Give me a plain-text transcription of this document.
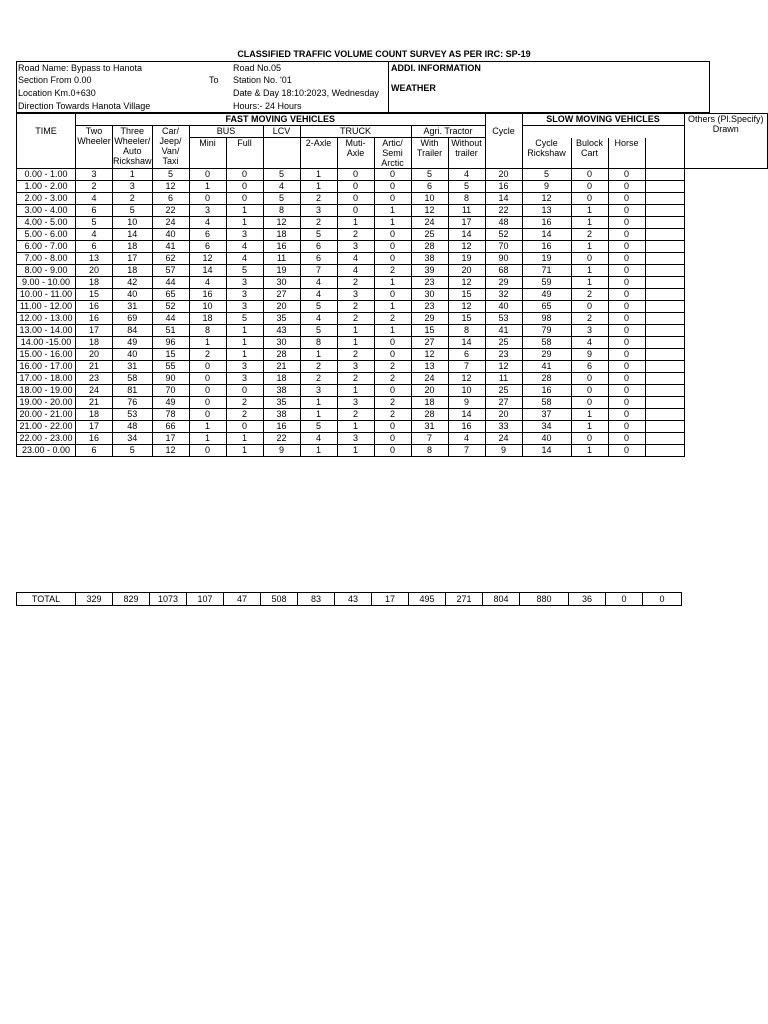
CLASSIFIED TRAFFIC VOLUME COUNT SURVEY AS PER IRC: SP-19
Road Name: Bypass to Hanota
Section From 0.00	To
Location Km.0+630
Direction Towards Hanota Village
Road No.05
Station No. '01
Date & Day 18:10:2023, Wednesday
Hours:- 24 Hours
ADDI. INFORMATION
WEATHER
	FAST MOVING VEHICLES												SLOW MOVING VEHICLES				Others (Pl.Specify) Drawn
TIME	Two Wheeler	Three Wheeler/ Auto Rickshaw	Car/ Jeep/ Van/ Taxi	BUS		LCV	TRUCK			Agri. Tractor		Cycle					
				Mini	Full		2-Axle	Muti-Axle	Artic/ Semi Arctic	With Trailer	Without trailer		Cycle Rickshaw	Bulock Cart	Horse		

0.00 - 1.00	3	1	5	0	0	5	1	0	0	5	4	20	5	0	0		
1.00 - 2.00	2	3	12	1	0	4	1	0	0	6	5	16	9	0	0		
2.00 - 3.00	4	2	6	0	0	5	2	0	0	10	8	14	12	0	0		
3.00 - 4.00	6	5	22	3	1	8	3	0	1	12	11	22	13	1	0		
4.00 - 5.00	5	10	24	4	1	12	2	1	1	24	17	48	16	1	0		
5.00 - 6.00	4	14	40	6	3	18	5	2	0	25	14	52	14	2	0		
6.00 - 7.00	6	18	41	6	4	16	6	3	0	28	12	70	16	1	0		
7.00 - 8.00	13	17	62	12	4	11	6	4	0	38	19	90	19	0	0		
8.00 - 9.00	20	18	57	14	5	19	7	4	2	39	20	68	71	1	0		
9.00 - 10.00	18	42	44	4	3	30	4	2	1	23	12	29	59	1	0		
10.00 - 11.00	15	40	65	16	3	27	4	3	0	30	15	32	49	2	0		
11.00 - 12.00	16	31	52	10	3	20	5	2	1	23	12	40	65	0	0		
12.00 - 13.00	16	69	44	18	5	35	4	2	2	29	15	53	98	2	0		
13.00 - 14.00	17	84	51	8	1	43	5	1	1	15	8	41	79	3	0		
14.00 -15.00	18	49	96	1	1	30	8	1	0	27	14	25	58	4	0		
15.00 - 16.00	20	40	15	2	1	28	1	2	0	12	6	23	29	9	0		
16.00 - 17.00	21	31	55	0	3	21	2	3	2	13	7	12	41	6	0		
17.00 - 18.00	23	58	90	0	3	18	2	2	2	24	12	11	28	0	0		
18.00 - 19.00	24	81	70	0	0	38	3	1	0	20	10	25	16	0	0		
19.00 - 20.00	21	76	49	0	2	35	1	3	2	18	9	27	58	0	0		
20.00 - 21.00	18	53	78	0	2	38	1	2	2	28	14	20	37	1	0		
21.00 - 22.00	17	48	66	1	0	16	5	1	0	31	16	33	34	1	0		
22.00 - 23.00	16	34	17	1	1	22	4	3	0	7	4	24	40	0	0		
23.00 - 0.00	6	5	12	0	1	9	1	1	0	8	7	9	14	1	0		
TOTAL	329	829	1073	107	47	508	83	43	17	495	271	804	880	36	0	0
